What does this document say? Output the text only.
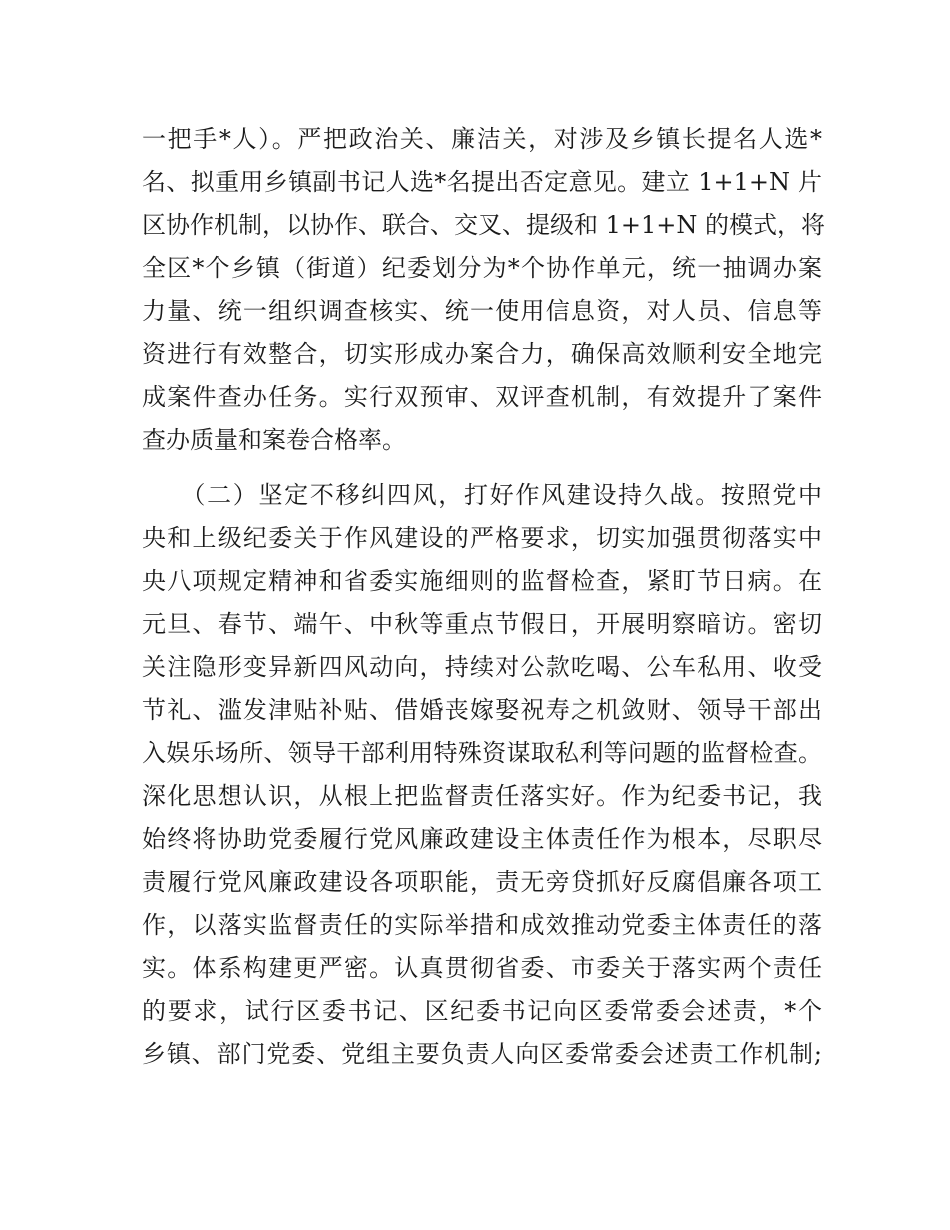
一把手*人）。严把政治关、廉洁关，对涉及乡镇长提名人选*
名、拟重用乡镇副书记人选*名提出否定意见。建立 1+1+N 片
区协作机制，以协作、联合、交叉、提级和 1+1+N 的模式，将
全区*个乡镇（街道）纪委划分为*个协作单元，统一抽调办案
力量、统一组织调查核实、统一使用信息资，对人员、信息等
资进行有效整合，切实形成办案合力，确保高效顺利安全地完
成案件查办任务。实行双预审、双评查机制，有效提升了案件
查办质量和案卷合格率。
　　（二）坚定不移纠四风，打好作风建设持久战。按照党中
央和上级纪委关于作风建设的严格要求，切实加强贯彻落实中
央八项规定精神和省委实施细则的监督检查，紧盯节日病。在
元旦、春节、端午、中秋等重点节假日，开展明察暗访。密切
关注隐形变异新四风动向，持续对公款吃喝、公车私用、收受
节礼、滥发津贴补贴、借婚丧嫁娶祝寿之机敛财、领导干部出
入娱乐场所、领导干部利用特殊资谋取私利等问题的监督检查。
深化思想认识，从根上把监督责任落实好。作为纪委书记，我
始终将协助党委履行党风廉政建设主体责任作为根本，尽职尽
责履行党风廉政建设各项职能，责无旁贷抓好反腐倡廉各项工
作，以落实监督责任的实际举措和成效推动党委主体责任的落
实。体系构建更严密。认真贯彻省委、市委关于落实两个责任
的要求，试行区委书记、区纪委书记向区委常委会述责，*个
乡镇、部门党委、党组主要负责人向区委常委会述责工作机制;
